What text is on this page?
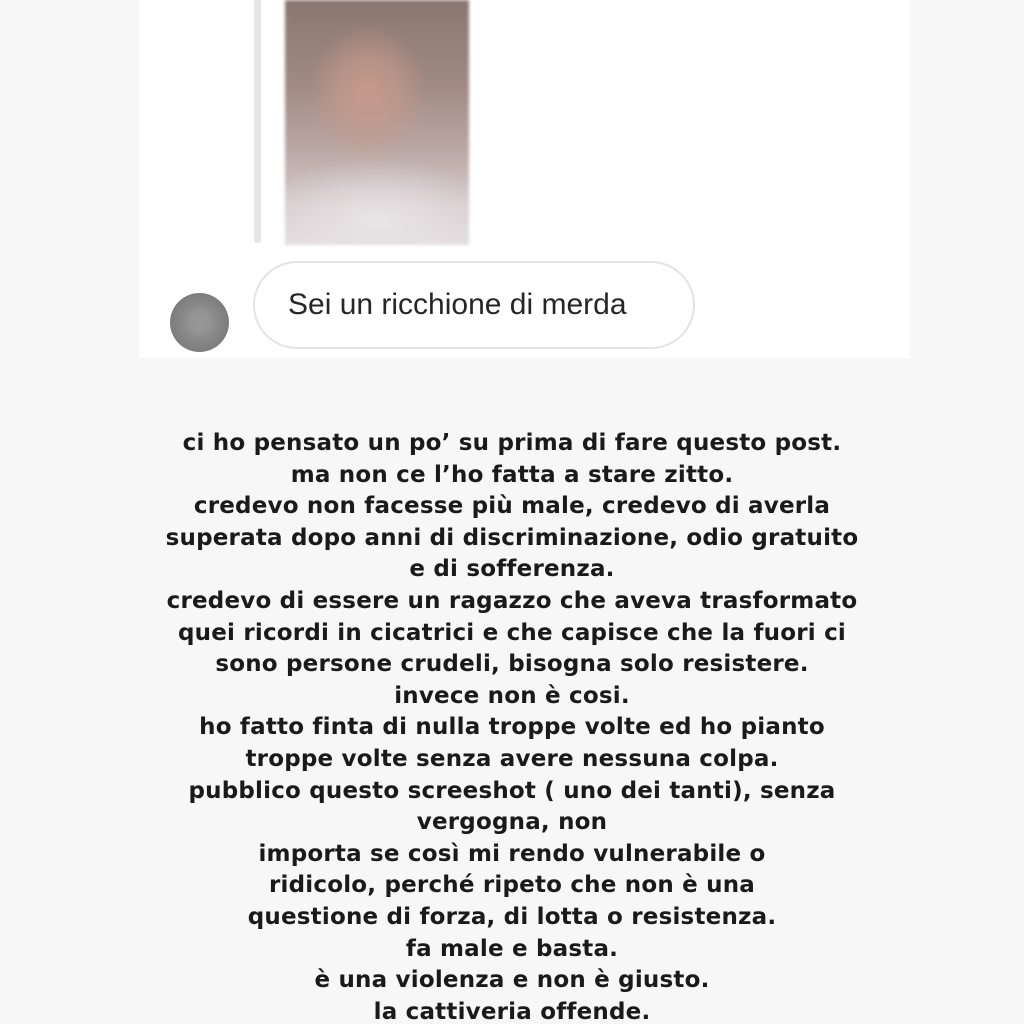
Sei un ricchione di merda
ci ho pensato un po’ su prima di fare questo post.
ma non ce l’ho fatta a stare zitto.
credevo non facesse più male, credevo di averla
superata dopo anni di discriminazione, odio gratuito
e di sofferenza.
credevo di essere un ragazzo che aveva trasformato
quei ricordi in cicatrici e che capisce che la fuori ci
sono persone crudeli, bisogna solo resistere.
invece non è cosi.
ho fatto finta di nulla troppe volte ed ho pianto
troppe volte senza avere nessuna colpa.
pubblico questo screeshot ( uno dei tanti), senza
vergogna, non
importa se così mi rendo vulnerabile o
ridicolo, perché ripeto che non è una
questione di forza, di lotta o resistenza.
fa male e basta.
è una violenza e non è giusto.
la cattiveria offende.
